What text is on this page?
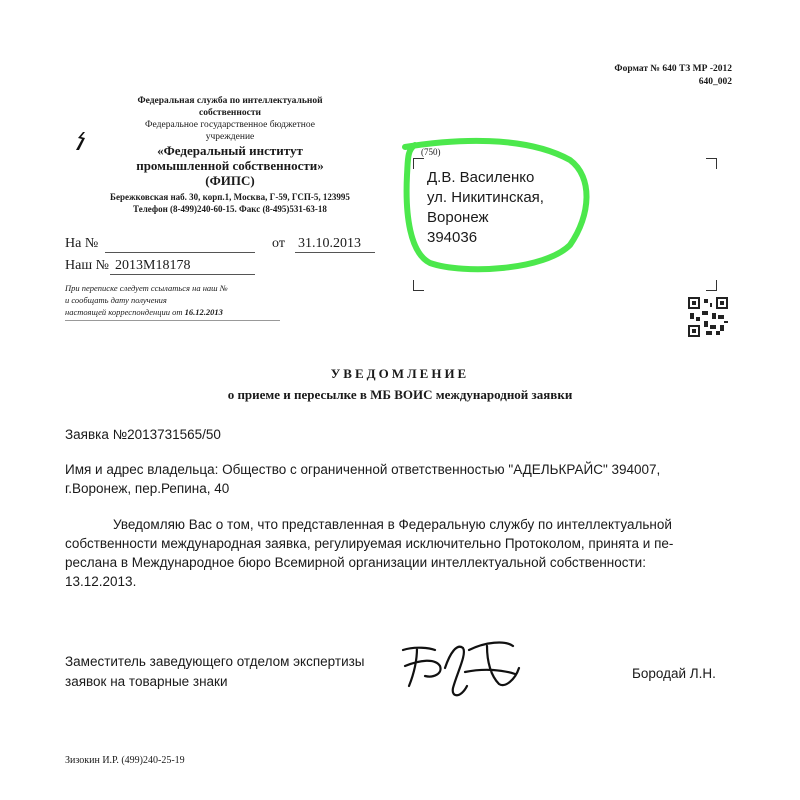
Формат № 640 ТЗ МР -2012
640_002
Федеральная служба по интеллектуальной
собственности
Федеральное государственное бюджетное
учреждение
«Федеральный институт
промышленной собственности»
(ФИПС)
Бережковская наб. 30, корп.1, Москва, Г-59, ГСП-5, 123995
Телефон (8-499)240-60-15. Факс (8-495)531-63-18
На №	от 31.10.2013
Наш № 2013М18178
При переписке следует ссылаться на наш №
и сообщать дату получения
настоящей корреспонденции от 16.12.2013
(750)
Д.В. Василенко
ул. Никитинская,
Воронеж
394036
УВЕДОМЛЕНИЕ
о приеме и пересылке в МБ ВОИС международной заявки
Заявка №2013731565/50
Имя и адрес владельца: Общество с ограниченной ответственностью "АДЕЛЬКРАЙС" 394007,
г.Воронеж, пер.Репина, 40
Уведомляю Вас о том, что представленная в Федеральную службу по интеллектуальной
собственности международная заявка, регулируемая исключительно Протоколом, принята и пе-
реслана в Международное бюро Всемирной организации интеллектуальной собственности:
13.12.2013.
Заместитель заведующего отделом экспертизы
заявок на товарные знаки
Бородай Л.Н.
Зизокин И.Р. (499)240-25-19
